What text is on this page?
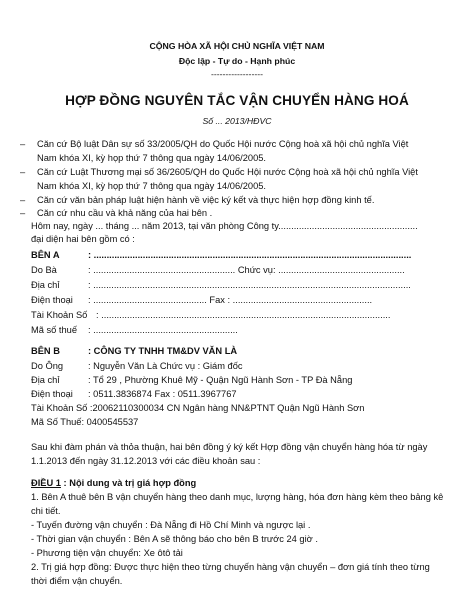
CỘNG HÒA XÃ HỘI CHỦ NGHĨA VIỆT NAM
Độc lập - Tự do - Hạnh phúc
------------------
HỢP ĐỒNG NGUYÊN TẮC VẬN CHUYỂN HÀNG HOÁ
Số ... 2013/HĐVC
– Căn cứ Bộ luật Dân sự số 33/2005/QH do Quốc Hội nước Cộng hoà xã hội chủ nghĩa Việt
Nam khóa XI, kỳ họp thứ 7 thông qua ngày 14/06/2005.
– Căn cứ Luật Thương mại số 36/2605/QH do Quốc Hội nước Cộng hoà xã hội chủ nghĩa Việt
Nam khóa XI, kỳ họp thứ 7 thông qua ngày 14/06/2005.
– Căn cứ văn bản pháp luật hiện hành về việc ký kết và thực hiện hợp đồng kinh tế.
– Căn cứ nhu cầu và khả năng của hai bên .
Hôm nay, ngày ... tháng ... năm 2013, tại văn phòng Công ty......................................................
đại diện hai bên gồm có :
BÊN A	: ...........................................................................................................................
Do Bà	: ....................................................... Chức vụ: .................................................
Địa chỉ	: ...........................................................................................................................
Điện thoại : ............................................ Fax : ......................................................
Tài Khoản Số : ................................................................................................................
Mã số thuế : ........................................................
BÊN B	: CÔNG TY TNHH TM&DV VĂN LÀ
Do Ông	: Nguyễn Văn Là Chức vụ : Giám đốc
Địa chỉ	: Tổ 29 , Phường Khuê Mỹ - Quận Ngũ Hành Sơn - TP Đà Nẵng
Điện thoại : 0511.3836874 Fax : 0511.3967767
Tài Khoản Số :20062110300034 CN Ngân hàng NN&PTNT Quận Ngũ Hành Sơn
Mã Số Thuế: 0400545537
Sau khi đàm phán và thỏa thuận, hai bên đồng ý ký kết Hợp đồng vận chuyển hàng hóa từ ngày
1.1.2013 đến ngày 31.12.2013 với các điều khoản sau :
ĐIỀU 1 : Nội dung và trị giá hợp đồng
1. Bên A thuê bên B vận chuyển hàng theo danh mục, lượng hàng, hóa đơn hàng kèm theo bảng kê
chi tiết.
- Tuyến đường vận chuyển : Đà Nẵng đi Hồ Chí Minh và ngược lại .
- Thời gian vận chuyển : Bên A sẽ thông báo cho bên B trước 24 giờ .
- Phương tiện vận chuyển: Xe ôtô tải
2. Trị giá hợp đồng: Được thực hiện theo từng chuyến hàng vận chuyển – đơn giá tính theo từng
thời điểm vận chuyển.
